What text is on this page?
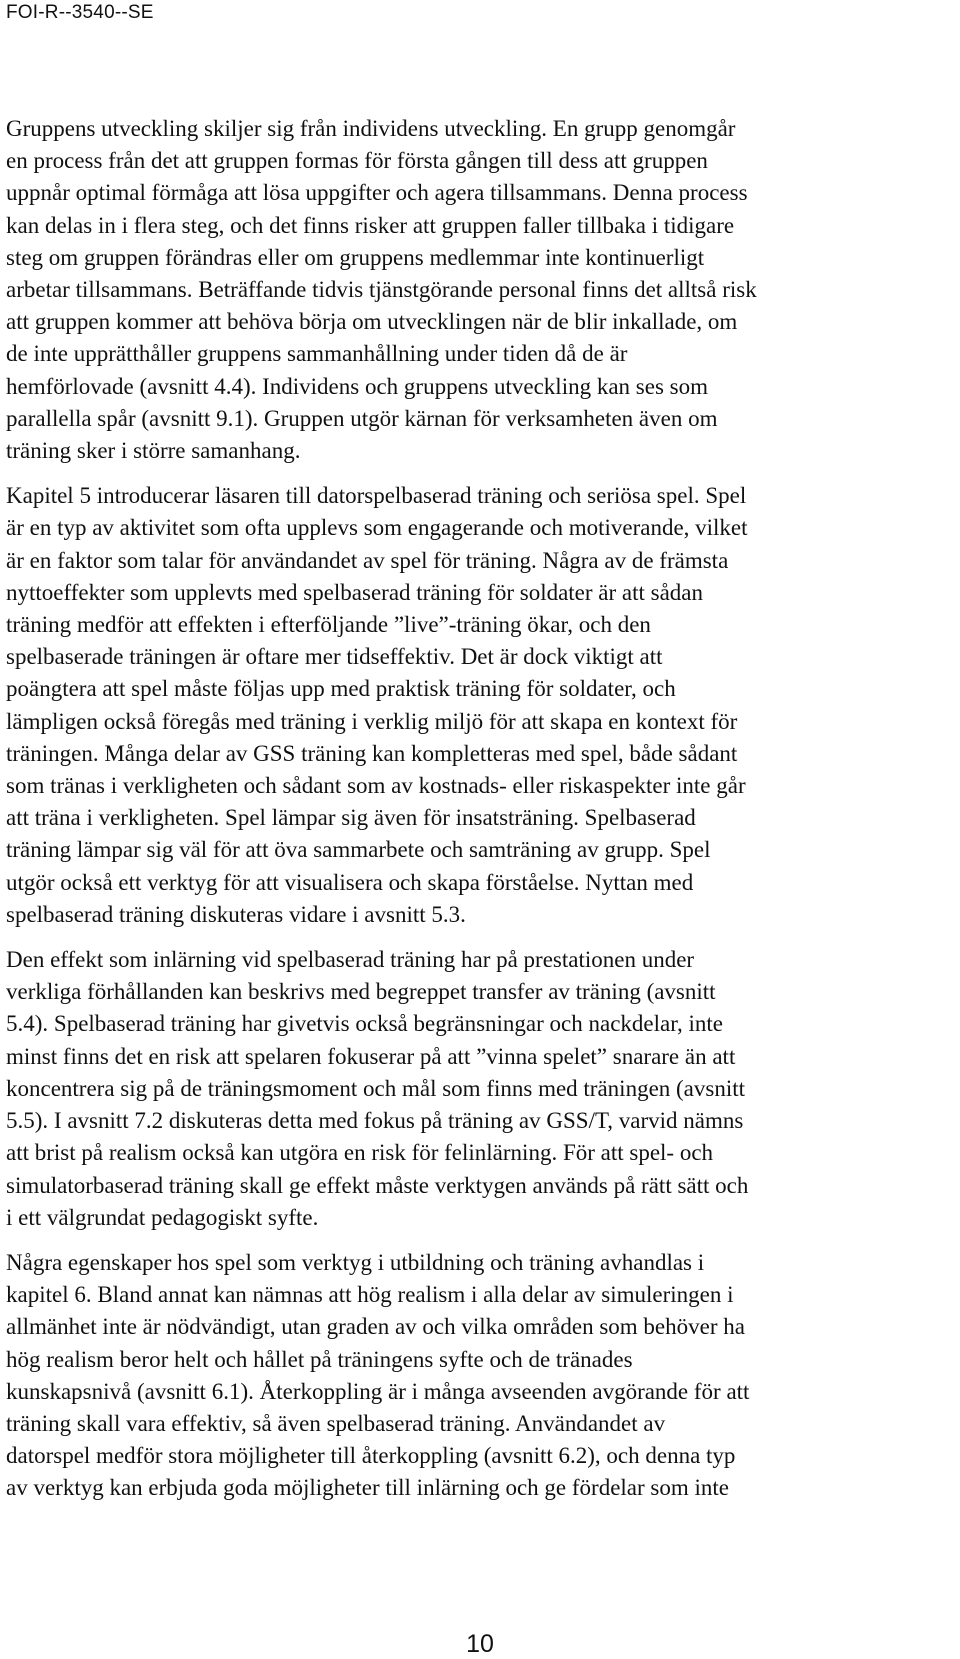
FOI-R--3540--SE

Gruppens utveckling skiljer sig från individens utveckling. En grupp genomgår
en process från det att gruppen formas för första gången till dess att gruppen
uppnår optimal förmåga att lösa uppgifter och agera tillsammans. Denna process
kan delas in i flera steg, och det finns risker att gruppen faller tillbaka i tidigare
steg om gruppen förändras eller om gruppens medlemmar inte kontinuerligt
arbetar tillsammans. Beträffande tidvis tjänstgörande personal finns det alltså risk
att gruppen kommer att behöva börja om utvecklingen när de blir inkallade, om
de inte upprätthåller gruppens sammanhållning under tiden då de är
hemförlovade (avsnitt 4.4). Individens och gruppens utveckling kan ses som
parallella spår (avsnitt 9.1). Gruppen utgör kärnan för verksamheten även om
träning sker i större samanhang.

Kapitel 5 introducerar läsaren till datorspelbaserad träning och seriösa spel. Spel
är en typ av aktivitet som ofta upplevs som engagerande och motiverande, vilket
är en faktor som talar för användandet av spel för träning. Några av de främsta
nyttoeffekter som upplevts med spelbaserad träning för soldater är att sådan
träning medför att effekten i efterföljande ”live”-träning ökar, och den
spelbaserade träningen är oftare mer tidseffektiv. Det är dock viktigt att
poängtera att spel måste följas upp med praktisk träning för soldater, och
lämpligen också föregås med träning i verklig miljö för att skapa en kontext för
träningen. Många delar av GSS träning kan kompletteras med spel, både sådant
som tränas i verkligheten och sådant som av kostnads- eller riskaspekter inte går
att träna i verkligheten. Spel lämpar sig även för insatsträning. Spelbaserad
träning lämpar sig väl för att öva sammarbete och samträning av grupp. Spel
utgör också ett verktyg för att visualisera och skapa förståelse. Nyttan med
spelbaserad träning diskuteras vidare i avsnitt 5.3.

Den effekt som inlärning vid spelbaserad träning har på prestationen under
verkliga förhållanden kan beskrivs med begreppet transfer av träning (avsnitt
5.4). Spelbaserad träning har givetvis också begränsningar och nackdelar, inte
minst finns det en risk att spelaren fokuserar på att ”vinna spelet” snarare än att
koncentrera sig på de träningsmoment och mål som finns med träningen (avsnitt
5.5). I avsnitt 7.2 diskuteras detta med fokus på träning av GSS/T, varvid nämns
att brist på realism också kan utgöra en risk för felinlärning. För att spel- och
simulatorbaserad träning skall ge effekt måste verktygen används på rätt sätt och
i ett välgrundat pedagogiskt syfte.

Några egenskaper hos spel som verktyg i utbildning och träning avhandlas i
kapitel 6. Bland annat kan nämnas att hög realism i alla delar av simuleringen i
allmänhet inte är nödvändigt, utan graden av och vilka områden som behöver ha
hög realism beror helt och hållet på träningens syfte och de tränades
kunskapsnivå (avsnitt 6.1). Återkoppling är i många avseenden avgörande för att
träning skall vara effektiv, så även spelbaserad träning. Användandet av
datorspel medför stora möjligheter till återkoppling (avsnitt 6.2), och denna typ
av verktyg kan erbjuda goda möjligheter till inlärning och ge fördelar som inte

10
